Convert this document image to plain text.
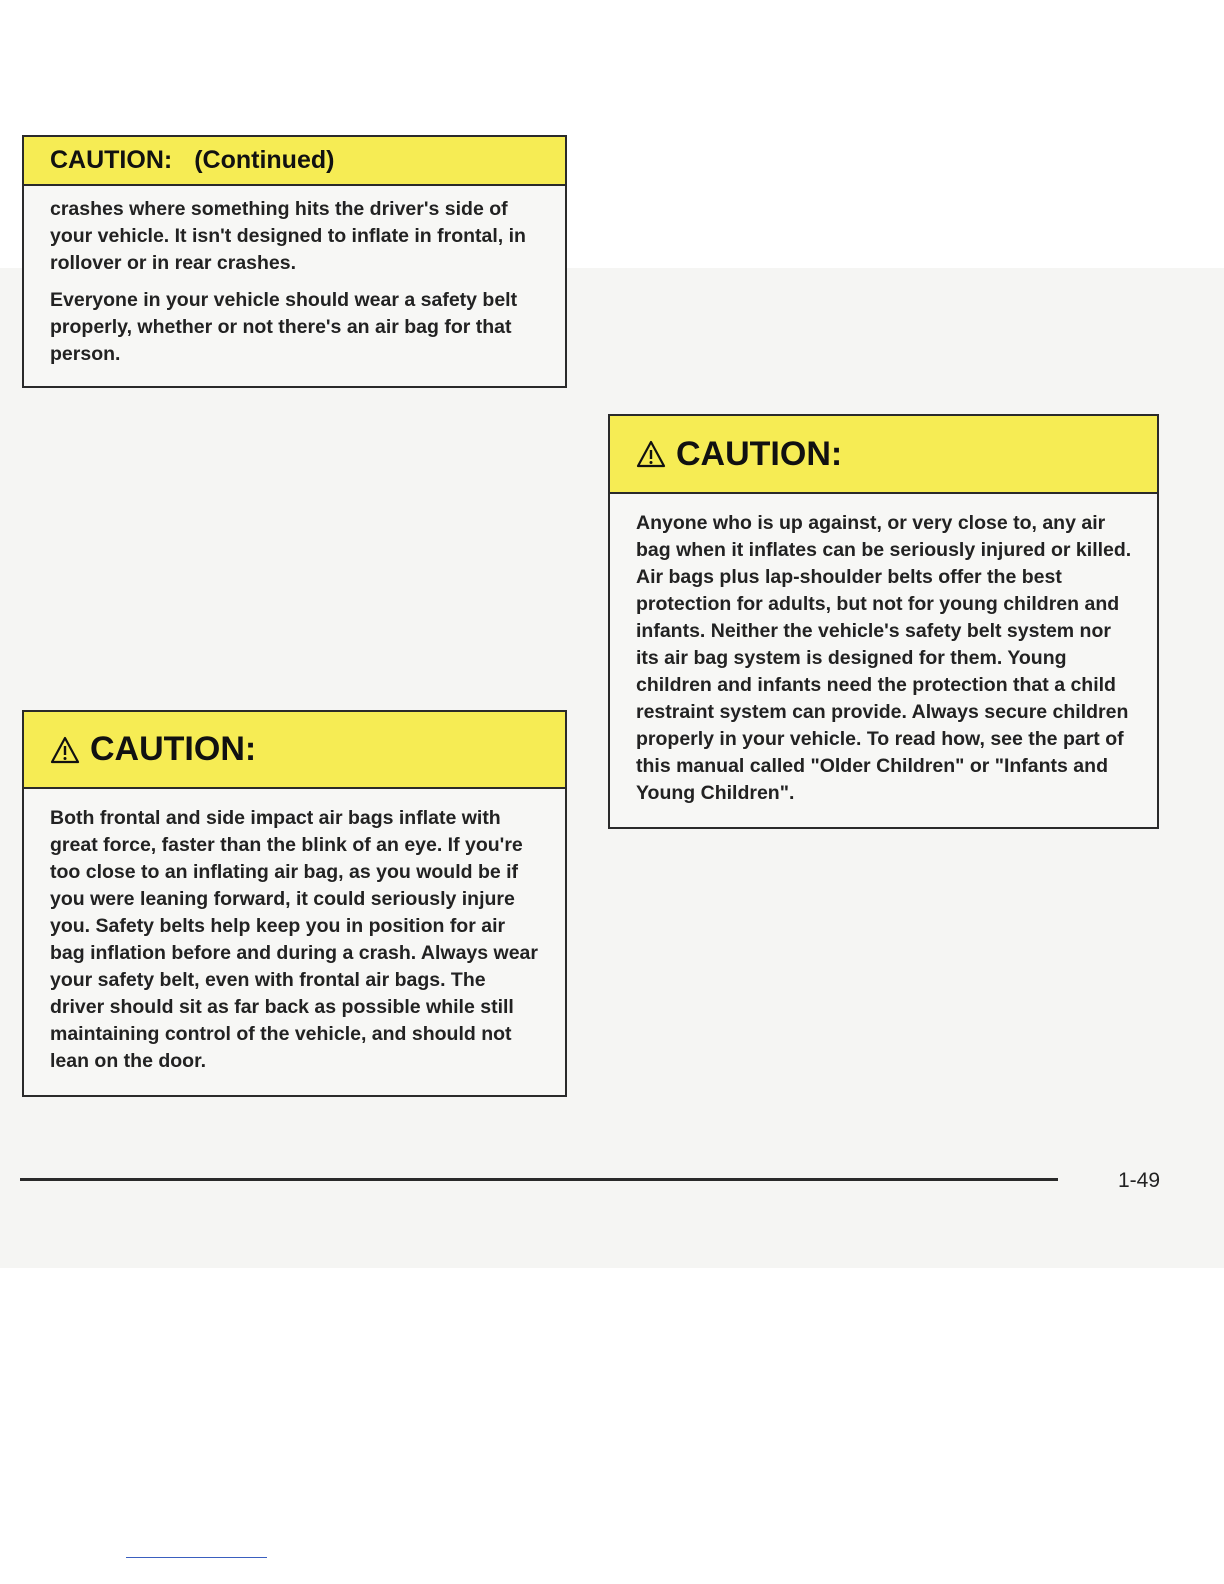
CAUTION: (Continued)

crashes where something hits the driver's side of your vehicle. It isn't designed to inflate in frontal, in rollover or in rear crashes.

Everyone in your vehicle should wear a safety belt properly, whether or not there's an air bag for that person.

CAUTION:

Both frontal and side impact air bags inflate with great force, faster than the blink of an eye. If you're too close to an inflating air bag, as you would be if you were leaning forward, it could seriously injure you. Safety belts help keep you in position for air bag inflation before and during a crash. Always wear your safety belt, even with frontal air bags. The driver should sit as far back as possible while still maintaining control of the vehicle, and should not lean on the door.

CAUTION:

Anyone who is up against, or very close to, any air bag when it inflates can be seriously injured or killed. Air bags plus lap-shoulder belts offer the best protection for adults, but not for young children and infants. Neither the vehicle's safety belt system nor its air bag system is designed for them. Young children and infants need the protection that a child restraint system can provide. Always secure children properly in your vehicle. To read how, see the part of this manual called "Older Children" or "Infants and Young Children".

1-49
